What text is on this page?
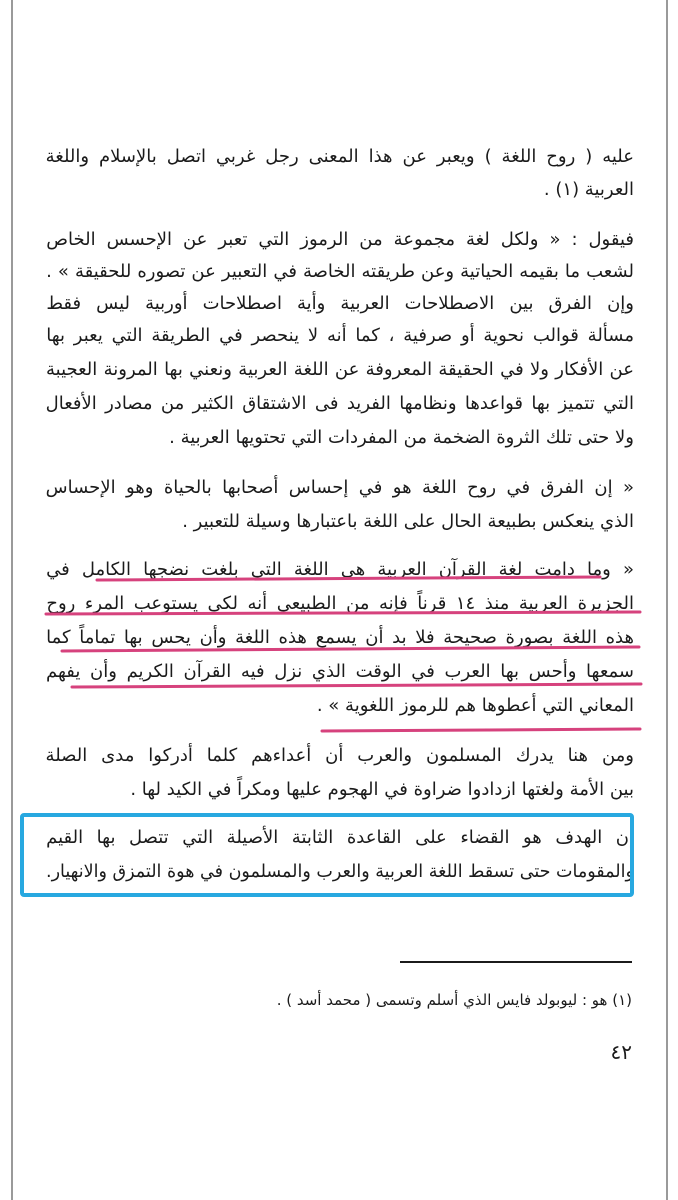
عليه ( روح اللغة ) ويعبر عن هذا المعنى رجل غربي اتصل بالإسلام واللغة
العربية (١) .
فيقول : « ولكل لغة مجموعة من الرموز التي تعبر عن الإحسس الخاص
لشعب ما بقيمه الحياتية وعن طريقته الخاصة في التعبير عن تصوره للحقيقة » .
وإن الفرق بين الاصطلاحات العربية وأية اصطلاحات أوربية ليس فقط
مسألة قوالب نحوية أو صرفية ، كما أنه لا ينحصر في الطريقة التي يعبر بها
عن الأفكار ولا في الحقيقة المعروفة عن اللغة العربية ونعني بها المرونة العجيبة
التي تتميز بها قواعدها ونظامها الفريد فى الاشتقاق الكثير من مصادر الأفعال
ولا حتى تلك الثروة الضخمة من المفردات التي تحتويها العربية .
« إن الفرق في روح اللغة هو في إحساس أصحابها بالحياة وهو الإحساس
الذي ينعكس بطبيعة الحال على اللغة باعتبارها وسيلة للتعبير .
« وما دامت لغة القرآن العربية هي اللغة التي بلغت نضجها الكامل في
الجزيرة العربية منذ ١٤ قرناً فإنه من الطبيعي أنه لكي يستوعب المرء روح
هذه اللغة بصورة صحيحة فلا بد أن يسمع هذه اللغة وأن يحس بها تماماً كما
سمعها وأحس بها العرب في الوقت الذي نزل فيه القرآن الكريم وأن يفهم
المعاني التي أعطوها هم للرموز اللغوية » .
ومن هنا يدرك المسلمون والعرب أن أعداءهم كلما أدركوا مدى الصلة
بين الأمة ولغتها ازدادوا ضراوة في الهجوم عليها ومكراً في الكيد لها .
إن الهدف هو القضاء على القاعدة الثابتة الأصيلة التي تتصل بها القيم
والمقومات حتى تسقط اللغة العربية والعرب والمسلمون في هوة التمزق والانهيار.
(١) هو : ليوبولد فايس الذي أسلم وتسمى ( محمد أسد ) .
٤٢
